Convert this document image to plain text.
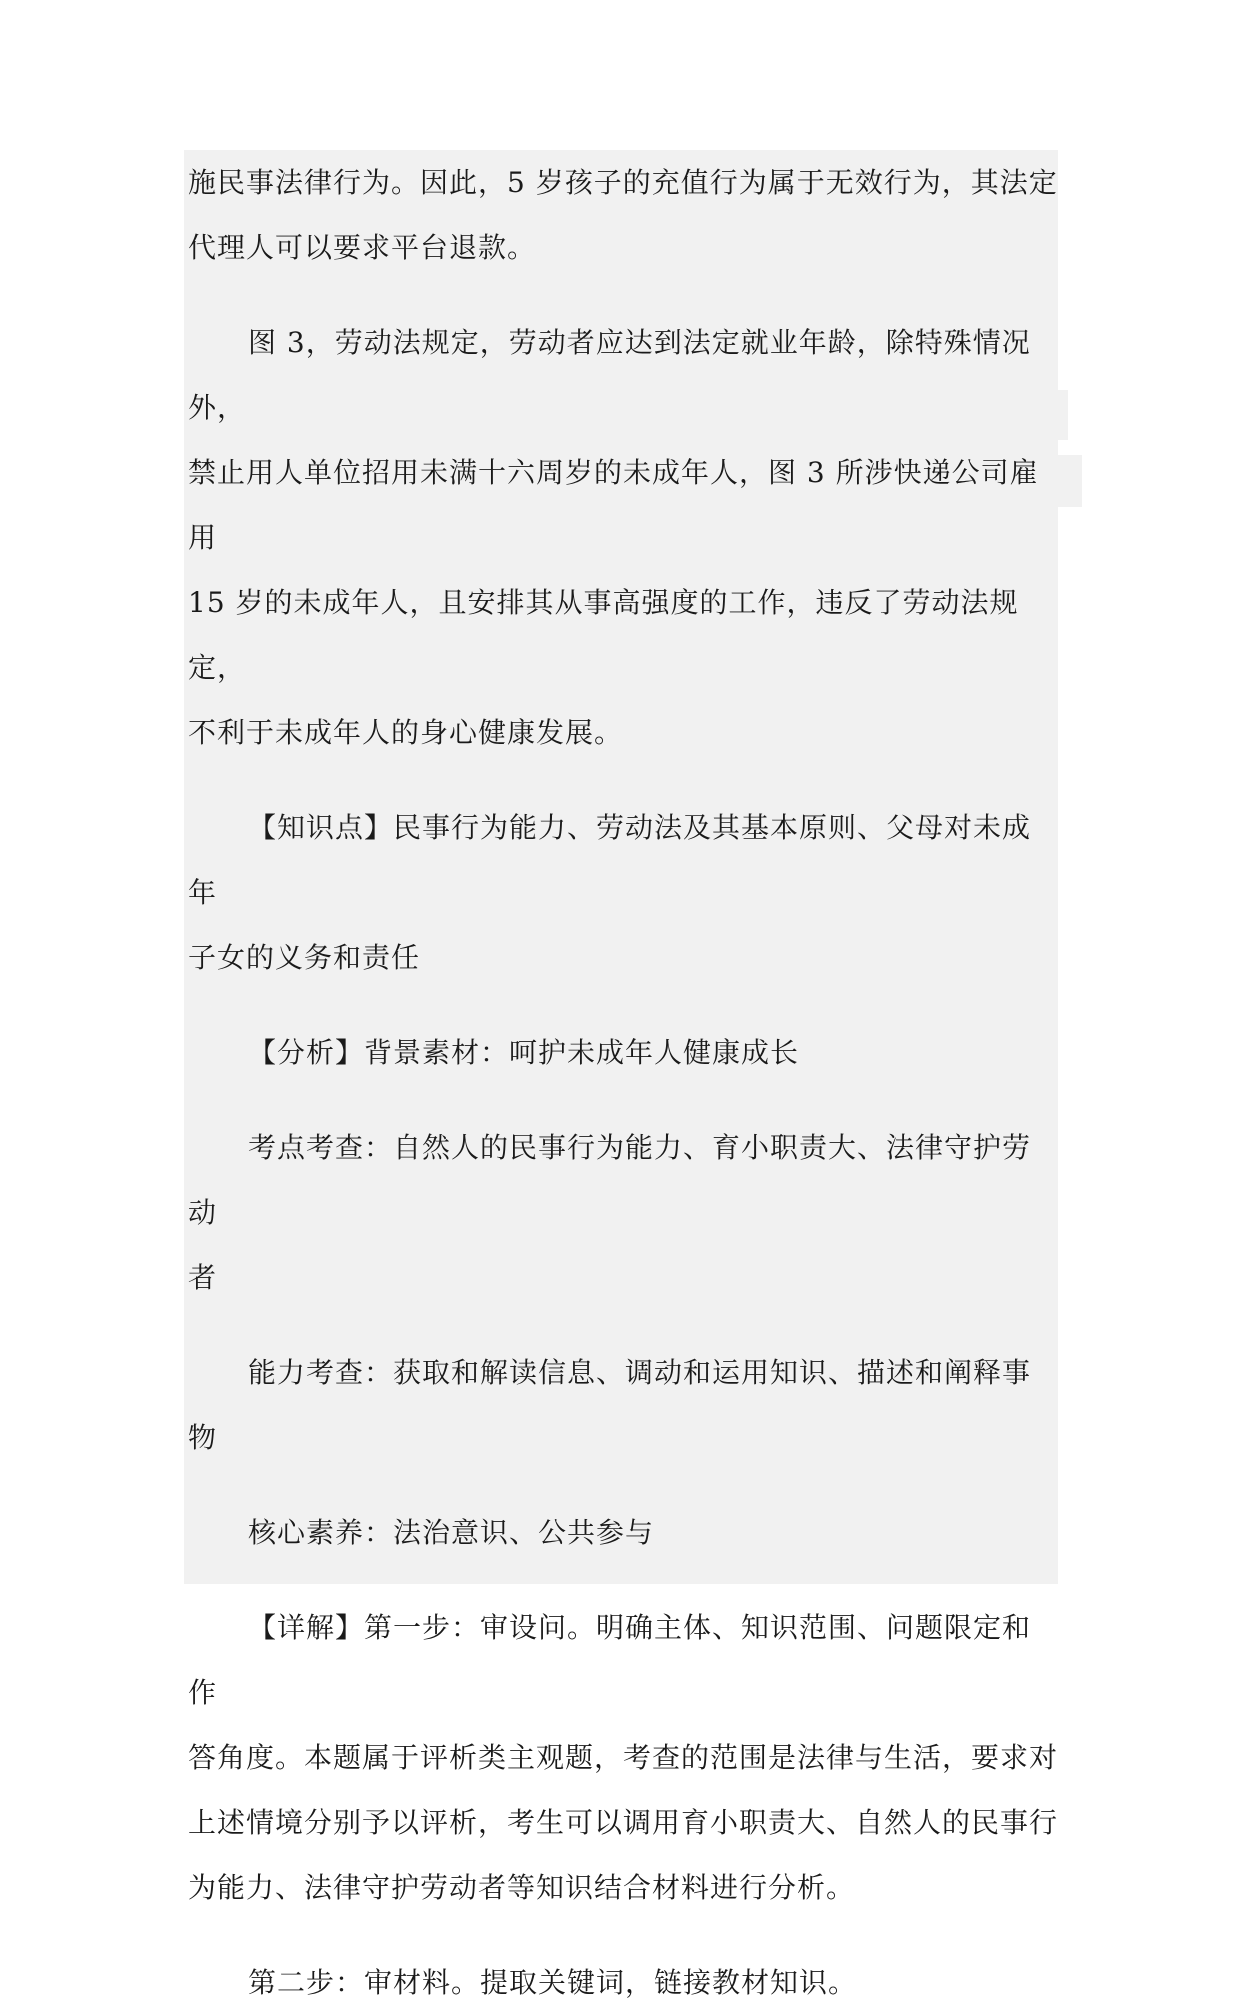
施民事法律行为。因此，5 岁孩子的充值行为属于无效行为，其法定
代理人可以要求平台退款。
图 3，劳动法规定，劳动者应达到法定就业年龄，除特殊情况外，
禁止用人单位招用未满十六周岁的未成年人，图 3 所涉快递公司雇用
15 岁的未成年人，且安排其从事高强度的工作，违反了劳动法规定，
不利于未成年人的身心健康发展。
【知识点】民事行为能力、劳动法及其基本原则、父母对未成年
子女的义务和责任
【分析】背景素材：呵护未成年人健康成长
考点考查：自然人的民事行为能力、育小职责大、法律守护劳动
者
能力考查：获取和解读信息、调动和运用知识、描述和阐释事物
核心素养：法治意识、公共参与
【详解】第一步：审设问。明确主体、知识范围、问题限定和作
答角度。本题属于评析类主观题，考查的范围是法律与生活，要求对
上述情境分别予以评析，考生可以调用育小职责大、自然人的民事行
为能力、法律守护劳动者等知识结合材料进行分析。
第二步：审材料。提取关键词，链接教材知识。
